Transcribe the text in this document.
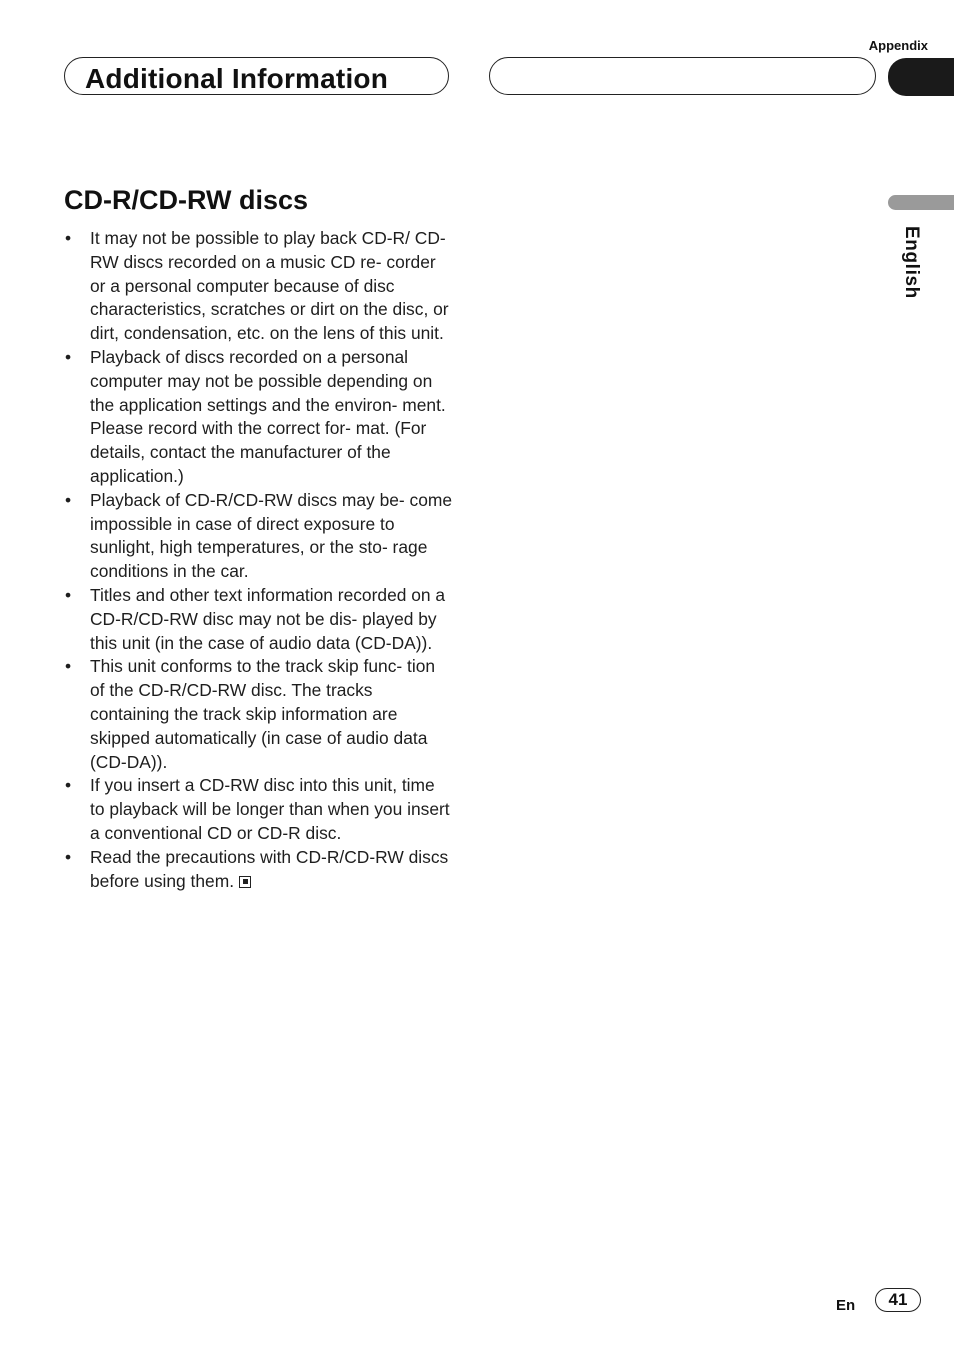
Appendix
Additional Information
English
CD-R/CD-RW discs
• It may not be possible to play back CD-R/ CD-RW discs recorded on a music CD re- corder or a personal computer because of disc characteristics, scratches or dirt on the disc, or dirt, condensation, etc. on the lens of this unit.
• Playback of discs recorded on a personal computer may not be possible depending on the application settings and the environ- ment. Please record with the correct for- mat. (For details, contact the manufacturer of the application.)
• Playback of CD-R/CD-RW discs may be- come impossible in case of direct exposure to sunlight, high temperatures, or the sto- rage conditions in the car.
• Titles and other text information recorded on a CD-R/CD-RW disc may not be dis- played by this unit (in the case of audio data (CD-DA)).
• This unit conforms to the track skip func- tion of the CD-R/CD-RW disc. The tracks containing the track skip information are skipped automatically (in case of audio data (CD-DA)).
• If you insert a CD-RW disc into this unit, time to playback will be longer than when you insert a conventional CD or CD-R disc.
• Read the precautions with CD-R/CD-RW discs before using them.
En	41
